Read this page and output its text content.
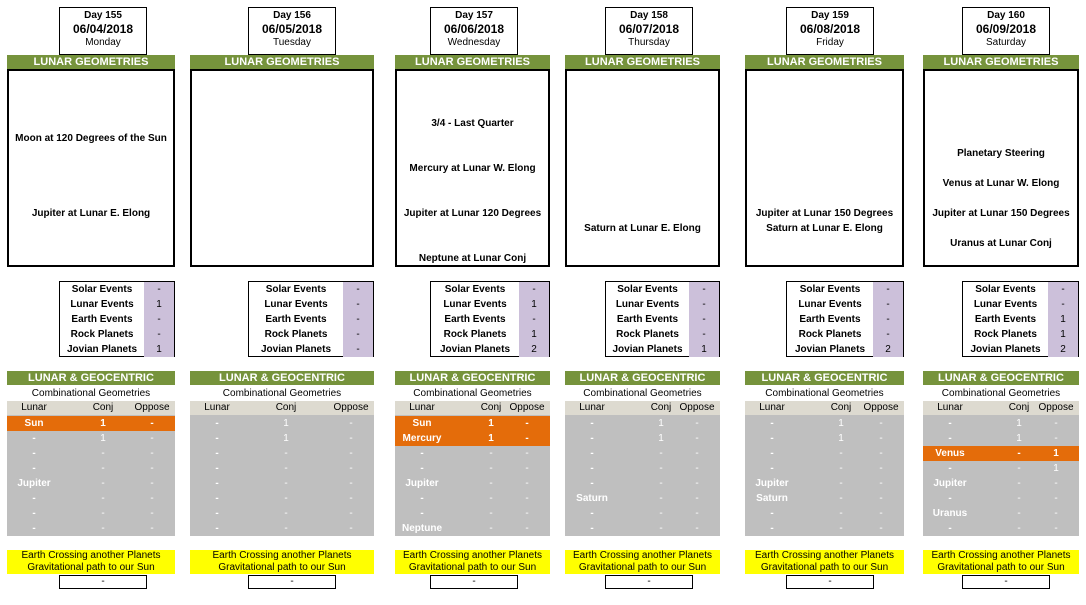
Day 155
06/04/2018
Monday
LUNAR GEOMETRIES
Moon at 120 Degrees of the Sun
Jupiter at Lunar E. Elong
Solar Events	-
Lunar Events	1
Earth Events	-
Rock Planets	-
Jovian Planets	1
LUNAR & GEOCENTRIC
Combinational Geometries
Lunar	Conj	Oppose
Sun	1	-
-	1	-
-	-	-
-	-	-
Jupiter	-	-
-	-	-
-	-	-
-	-	-
Earth Crossing another Planets
Gravitational path to our Sun
-
Day 156
06/05/2018
Tuesday
LUNAR GEOMETRIES
Solar Events	-
Lunar Events	-
Earth Events	-
Rock Planets	-
Jovian Planets	-
LUNAR & GEOCENTRIC
Combinational Geometries
Lunar	Conj	Oppose
-	1	-
-	1	-
-	-	-
-	-	-
-	-	-
-	-	-
-	-	-
-	-	-
Earth Crossing another Planets
Gravitational path to our Sun
-
Day 157
06/06/2018
Wednesday
LUNAR GEOMETRIES
3/4 - Last Quarter
Mercury at Lunar W. Elong
Jupiter at Lunar 120 Degrees
Neptune at Lunar Conj
Solar Events	-
Lunar Events	1
Earth Events	-
Rock Planets	1
Jovian Planets	2
LUNAR & GEOCENTRIC
Combinational Geometries
Lunar	Conj Oppose
Sun	1	-
Mercury	1	-
-	-	-
-	-	-
Jupiter	-	-
-	-	-
-	-	-
Neptune	-	-
Earth Crossing another Planets
Gravitational path to our Sun
-
Day 158
06/07/2018
Thursday
LUNAR GEOMETRIES
Saturn at Lunar E. Elong
Solar Events	-
Lunar Events	-
Earth Events	-
Rock Planets	-
Jovian Planets	1
LUNAR & GEOCENTRIC
Combinational Geometries
Lunar	Conj Oppose
-	1	-
-	1	-
-	-	-
-	-	-
-	-	-
Saturn	-	-
-	-	-
-	-	-
Earth Crossing another Planets
Gravitational path to our Sun
-
Day 159
06/08/2018
Friday
LUNAR GEOMETRIES
Jupiter at Lunar 150 Degrees
Saturn at Lunar E. Elong
Solar Events	-
Lunar Events	-
Earth Events	-
Rock Planets	-
Jovian Planets	2
LUNAR & GEOCENTRIC
Combinational Geometries
Lunar	Conj	Oppose
-	1	-
-	1	-
-	-	-
-	-	-
Jupiter	-	-
Saturn	-	-
-	-	-
-	-	-
Earth Crossing another Planets
Gravitational path to our Sun
-
Day 160
06/09/2018
Saturday
LUNAR GEOMETRIES
Planetary Steering
Venus at Lunar W. Elong
Jupiter at Lunar 150 Degrees
Uranus at Lunar Conj
Solar Events	-
Lunar Events	-
Earth Events	1
Rock Planets	1
Jovian Planets	2
LUNAR & GEOCENTRIC
Combinational Geometries
Lunar	Conj Oppose
-	1	-
-	1	-
Venus	-	1
-	-	1
Jupiter	-	-
-	-	-
Uranus	-	-
-	-	-
Earth Crossing another Planets
Gravitational path to our Sun
-
